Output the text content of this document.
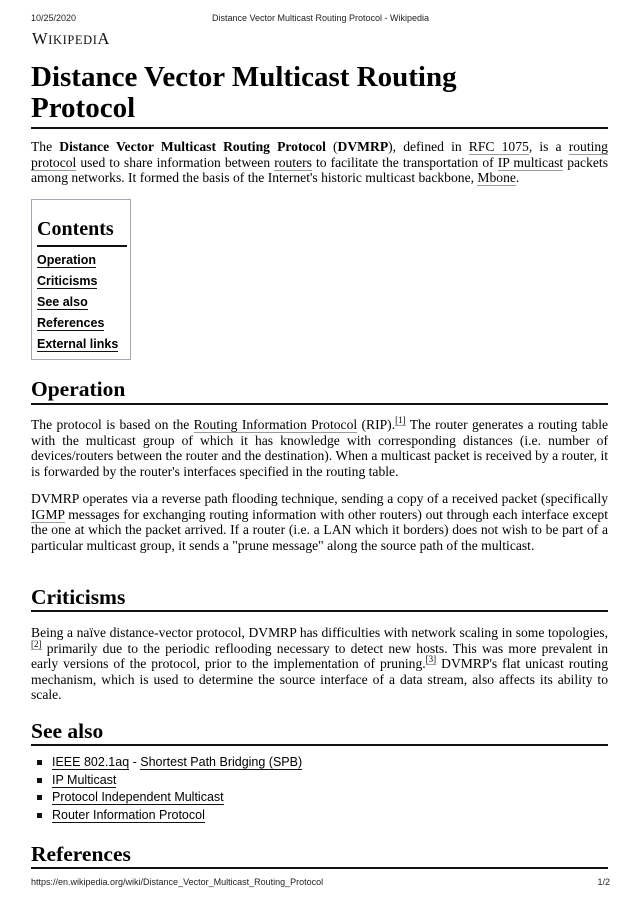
10/25/2020	Distance Vector Multicast Routing Protocol - Wikipedia
WIKIPEDIA
Distance Vector Multicast Routing
Protocol

The Distance Vector Multicast Routing Protocol (DVMRP), defined in RFC 1075, is a routing protocol used to share information between routers to facilitate the transportation of IP multicast packets among networks. It formed the basis of the Internet's historic multicast backbone, Mbone.

Contents
Operation
Criticisms
See also
References
External links
Operation

The protocol is based on the Routing Information Protocol (RIP).[1] The router generates a routing table with the multicast group of which it has knowledge with corresponding distances (i.e. number of devices/routers between the router and the destination). When a multicast packet is received by a router, it is forwarded by the router's interfaces specified in the routing table.

DVMRP operates via a reverse path flooding technique, sending a copy of a received packet (specifically IGMP messages for exchanging routing information with other routers) out through each interface except the one at which the packet arrived. If a router (i.e. a LAN which it borders) does not wish to be part of a particular multicast group, it sends a "prune message" along the source path of the multicast.

Criticisms

Being a naïve distance-vector protocol, DVMRP has difficulties with network scaling in some topologies,[2] primarily due to the periodic reflooding necessary to detect new hosts. This was more prevalent in early versions of the protocol, prior to the implementation of pruning.[3] DVMRP's flat unicast routing mechanism, which is used to determine the source interface of a data stream, also affects its ability to scale.

See also
IEEE 802.1aq - Shortest Path Bridging (SPB)
IP Multicast
Protocol Independent Multicast
Router Information Protocol
References
https://en.wikipedia.org/wiki/Distance_Vector_Multicast_Routing_Protocol	1/2
